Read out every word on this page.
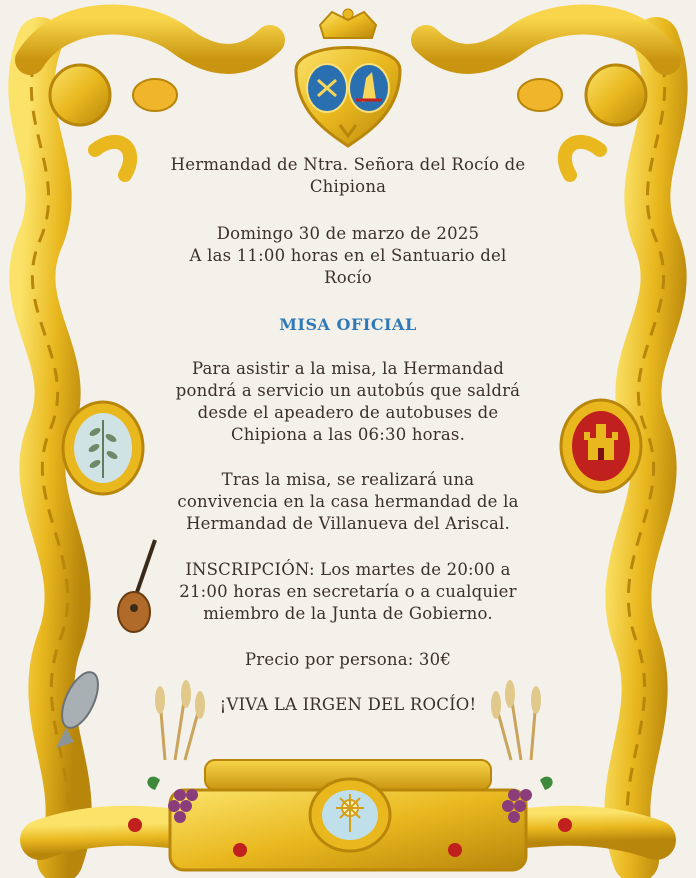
Hermandad de Ntra. Señora del Rocío de
Chipiona
Domingo 30 de marzo de 2025
A las 11:00 horas en el Santuario del
Rocío
MISA OFICIAL
Para asistir a la misa, la Hermandad
pondrá a servicio un autobús que saldrá
desde el apeadero de autobuses de
Chipiona a las 06:30 horas.
Tras la misa, se realizará una
convivencia en la casa hermandad de la
Hermandad de Villanueva del Ariscal.
INSCRIPCIÓN: Los martes de 20:00 a
21:00 horas en secretaría o a cualquier
miembro de la Junta de Gobierno.
Precio por persona: 30€
¡VIVA LA IRGEN DEL ROCÍO!
